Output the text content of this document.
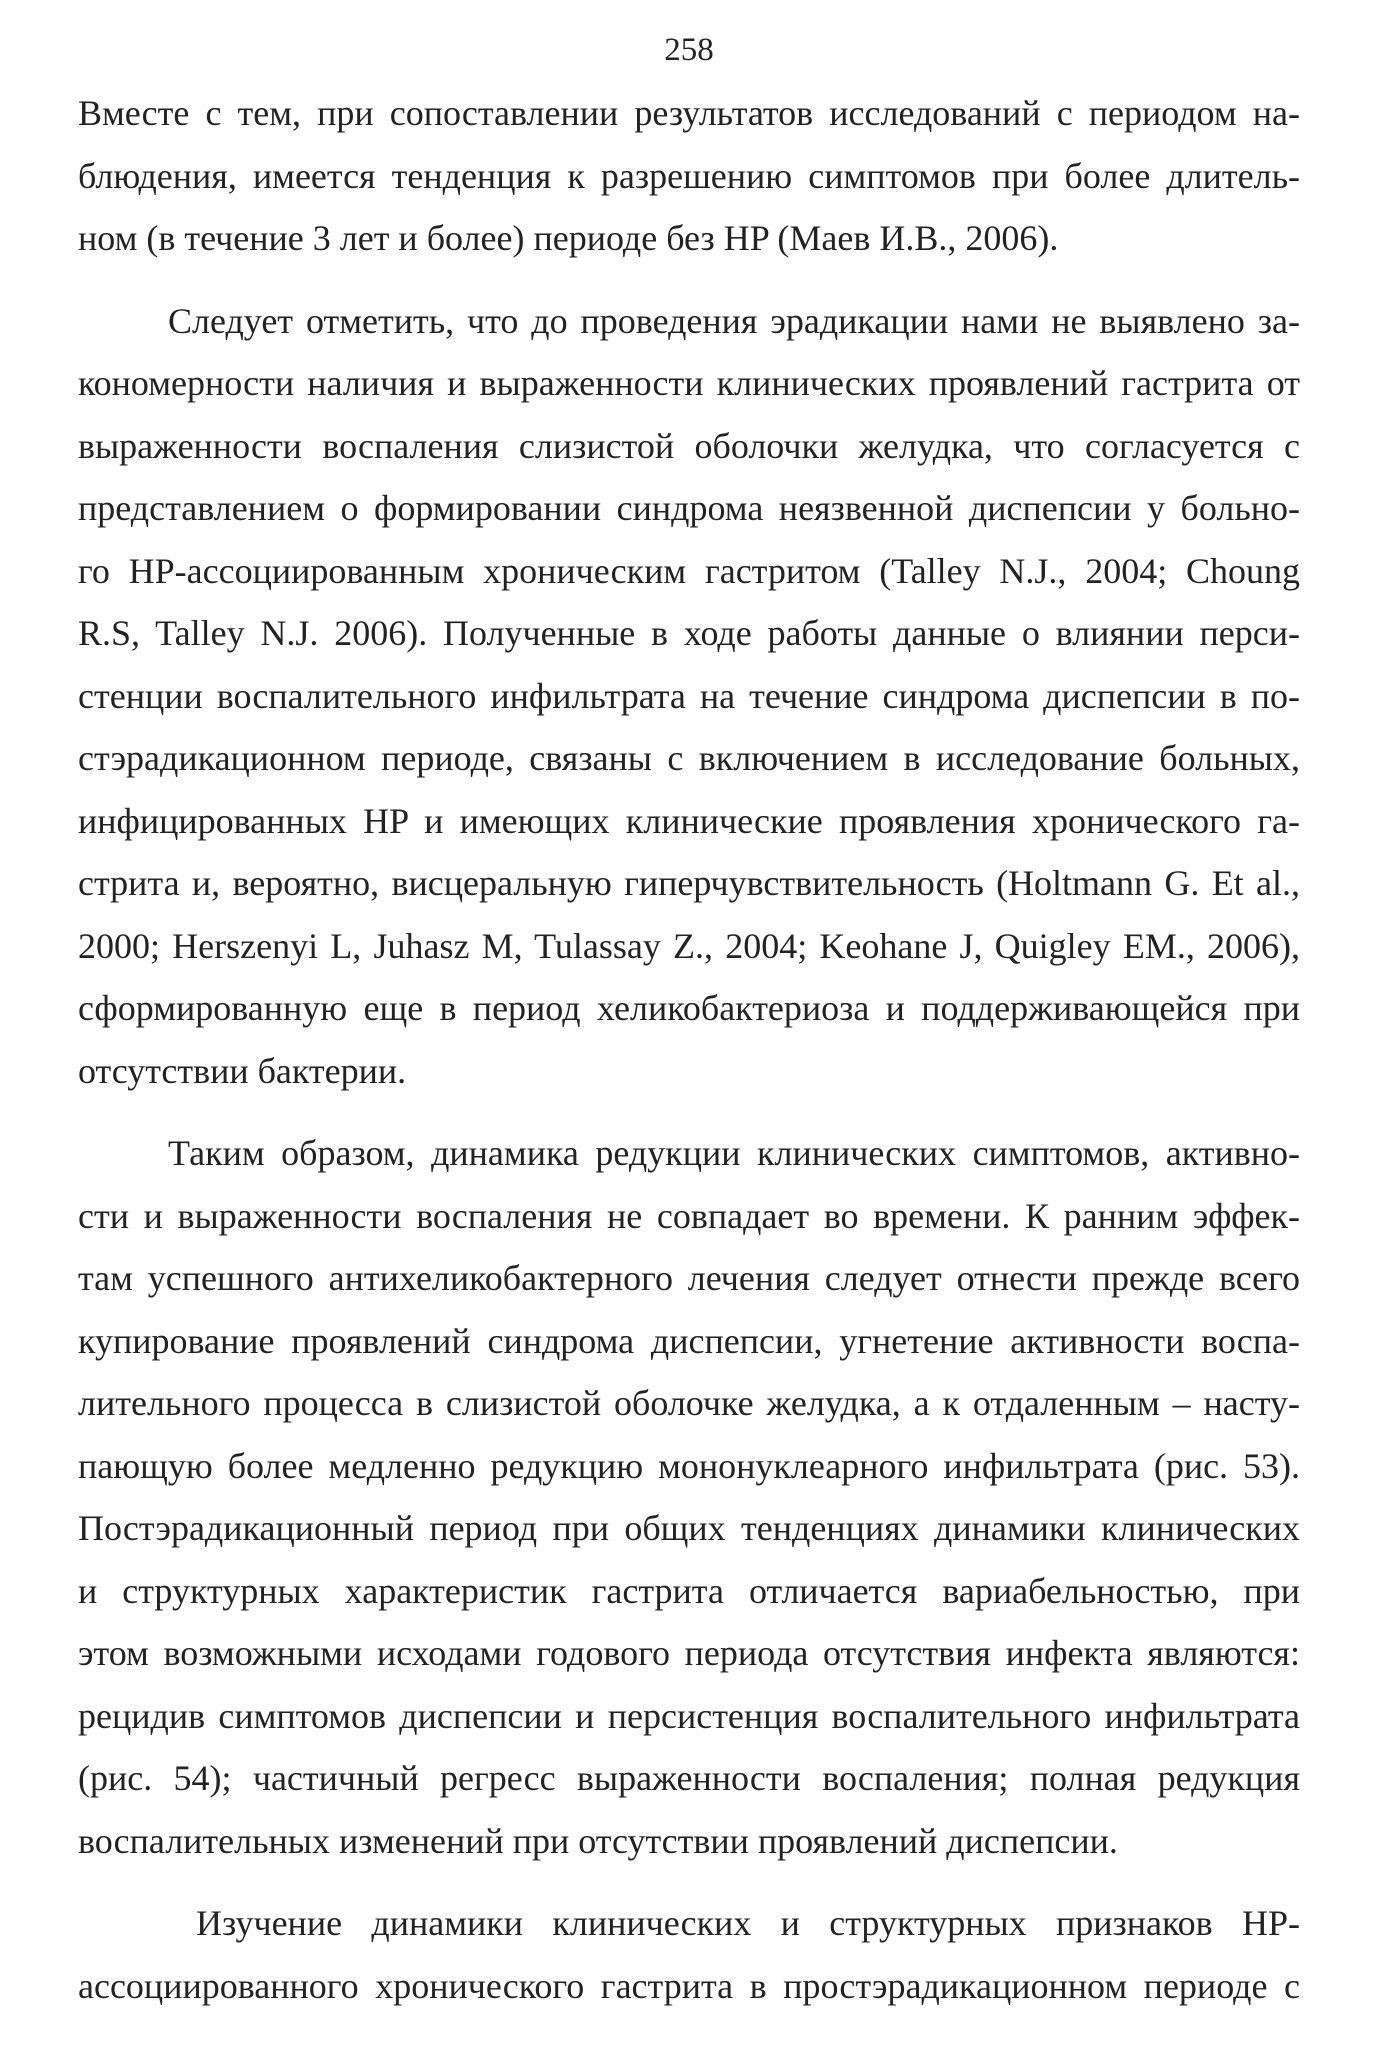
258
Вместе с тем, при сопоставлении результатов исследований с периодом на-
блюдения, имеется тенденция к разрешению симптомов при более длитель-
ном (в течение 3 лет и более) периоде без HP (Маев И.В., 2006).
Следует отметить, что до проведения эрадикации нами не выявлено за-
кономерности наличия и выраженности клинических проявлений гастрита от
выраженности воспаления слизистой оболочки желудка, что согласуется с
представлением о формировании синдрома неязвенной диспепсии у больно-
го НР-ассоциированным хроническим гастритом (Talley N.J., 2004; Choung
R.S, Talley N.J. 2006). Полученные в ходе работы данные о влиянии перси-
стенции воспалительного инфильтрата на течение синдрома диспепсии в по-
стэрадикационном периоде, связаны с включением в исследование больных,
инфицированных HP и имеющих клинические проявления хронического га-
стрита и, вероятно, висцеральную гиперчувствительность (Holtmann G. Et al.,
2000; Herszenyi L, Juhasz M, Tulassay Z., 2004; Keohane J, Quigley EM., 2006),
сформированную еще в период хеликобактериоза и поддерживающейся при
отсутствии бактерии.
Таким образом, динамика редукции клинических симптомов, активно-
сти и выраженности воспаления не совпадает во времени. К ранним эффек-
там успешного антихеликобактерного лечения следует отнести прежде всего
купирование проявлений синдрома диспепсии, угнетение активности воспа-
лительного процесса в слизистой оболочке желудка, а к отдаленным – насту-
пающую более медленно редукцию мононуклеарного инфильтрата (рис. 53).
Постэрадикационный период при общих тенденциях динамики клинических
и структурных характеристик гастрита отличается вариабельностью, при
этом возможными исходами годового периода отсутствия инфекта являются:
рецидив симптомов диспепсии и персистенция воспалительного инфильтрата
(рис. 54); частичный регресс выраженности воспаления; полная редукция
воспалительных изменений при отсутствии проявлений диспепсии.
Изучение динамики клинических и структурных признаков НР-
ассоциированного хронического гастрита в простэрадикационном периоде с
